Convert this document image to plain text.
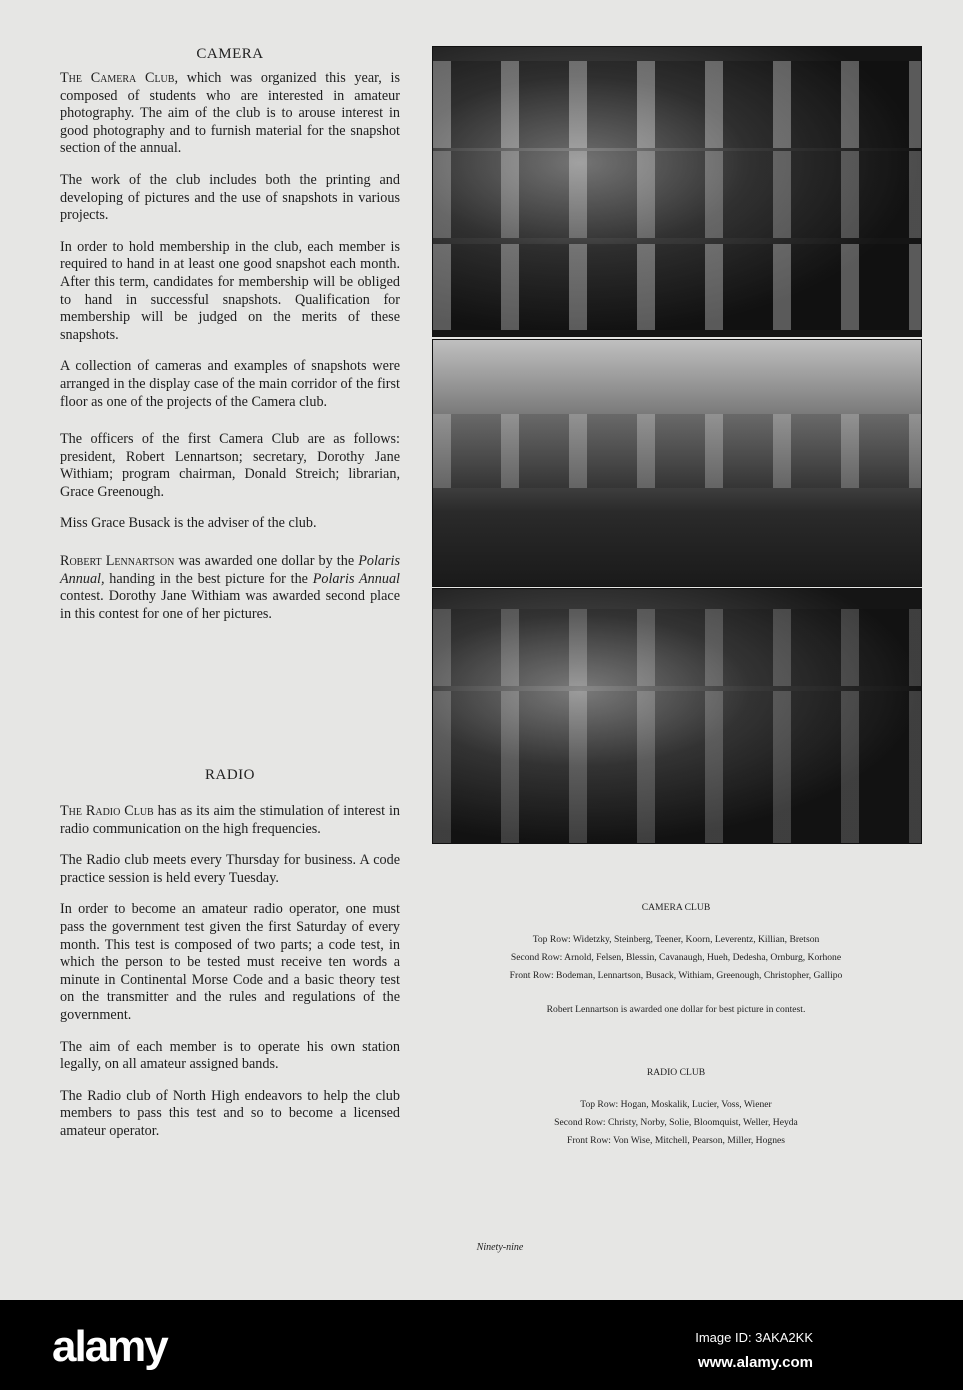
CAMERA

The Camera Club, which was organized this year, is composed of students who are interested in amateur photography. The aim of the club is to arouse interest in good photography and to furnish material for the snapshot section of the annual.

The work of the club includes both the printing and developing of pictures and the use of snapshots in various projects.

In order to hold membership in the club, each member is required to hand in at least one good snapshot each month. After this term, candidates for membership will be obliged to hand in successful snapshots. Qualification for membership will be judged on the merits of these snapshots.

A collection of cameras and examples of snapshots were arranged in the display case of the main corridor of the first floor as one of the projects of the Camera club.

The officers of the first Camera Club are as follows: president, Robert Lennartson; secretary, Dorothy Jane Withiam; program chairman, Donald Streich; librarian, Grace Greenough.

Miss Grace Busack is the adviser of the club.

Robert Lennartson was awarded one dollar by the Polaris Annual, handing in the best picture for the Polaris Annual contest. Dorothy Jane Withiam was awarded second place in this contest for one of her pictures.

RADIO

The Radio Club has as its aim the stimulation of interest in radio communication on the high frequencies.

The Radio club meets every Thursday for business. A code practice session is held every Tuesday.

In order to become an amateur radio operator, one must pass the government test given the first Saturday of every month. This test is composed of two parts; a code test, in which the person to be tested must receive ten words a minute in Continental Morse Code and a basic theory test on the transmitter and the rules and regulations of the government.

The aim of each member is to operate his own station legally, on all amateur assigned bands.

The Radio club of North High endeavors to help the club members to pass this test and so to become a licensed amateur operator.

CAMERA CLUB
Top Row: Widetzky, Steinberg, Teener, Koorn, Leverentz, Killian, Bretson
Second Row: Arnold, Felsen, Blessin, Cavanaugh, Hueh, Dedesha, Ornburg, Korhone
Front Row: Bodeman, Lennartson, Busack, Withiam, Greenough, Christopher, Gallipo
Robert Lennartson is awarded one dollar for best picture in contest.
RADIO CLUB
Top Row: Hogan, Moskalik, Lucier, Voss, Wiener
Second Row: Christy, Norby, Solie, Bloomquist, Weller, Heyda
Front Row: Von Wise, Mitchell, Pearson, Miller, Hognes
Ninety-nine
alamy	Image ID: 3AKA2KK
www.alamy.com
